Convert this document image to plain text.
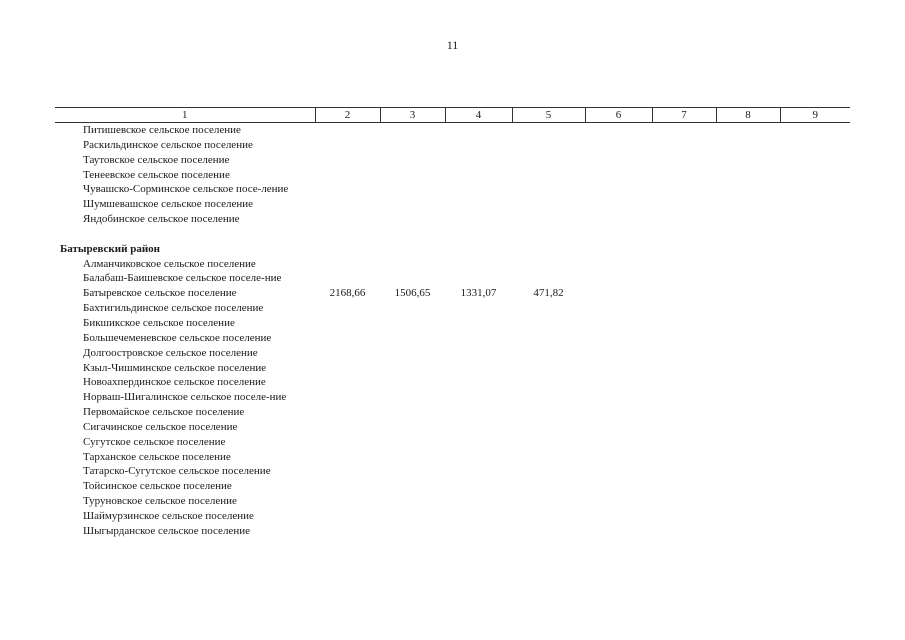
11
1	2	3	4	5	6	7	8	9
Питишевское сельское поселение								
Раскильдинское сельское поселение								
Таутовское сельское поселение								
Тенеевское сельское поселение								
Чувашско-Сорминское сельское посе-ление								
Шумшевашское сельское поселение								
Яндобинское сельское поселение								

Батыревский район								
Алманчиковское сельское поселение								
Балабаш-Баишевское сельское поселе-ние								
Батыревское сельское поселение	2168,66	1506,65	1331,07	471,82				
Бахтигильдинское сельское поселение								
Бикшикское сельское поселение								
Большечеменевское сельское поселение								
Долгоостровское сельское поселение								
Кзыл-Чишминское сельское поселение								
Новоахпердинское сельское поселение								
Норваш-Шигалинское сельское поселе-ние								
Первомайское сельское поселение								
Сигачинское сельское поселение								
Сугутское сельское поселение								
Тарханское сельское поселение								
Татарско-Сугутское сельское поселение								
Тойсинское сельское поселение								
Туруновское сельское поселение								
Шаймурзинское сельское поселение								
Шыгырданское сельское поселение								
